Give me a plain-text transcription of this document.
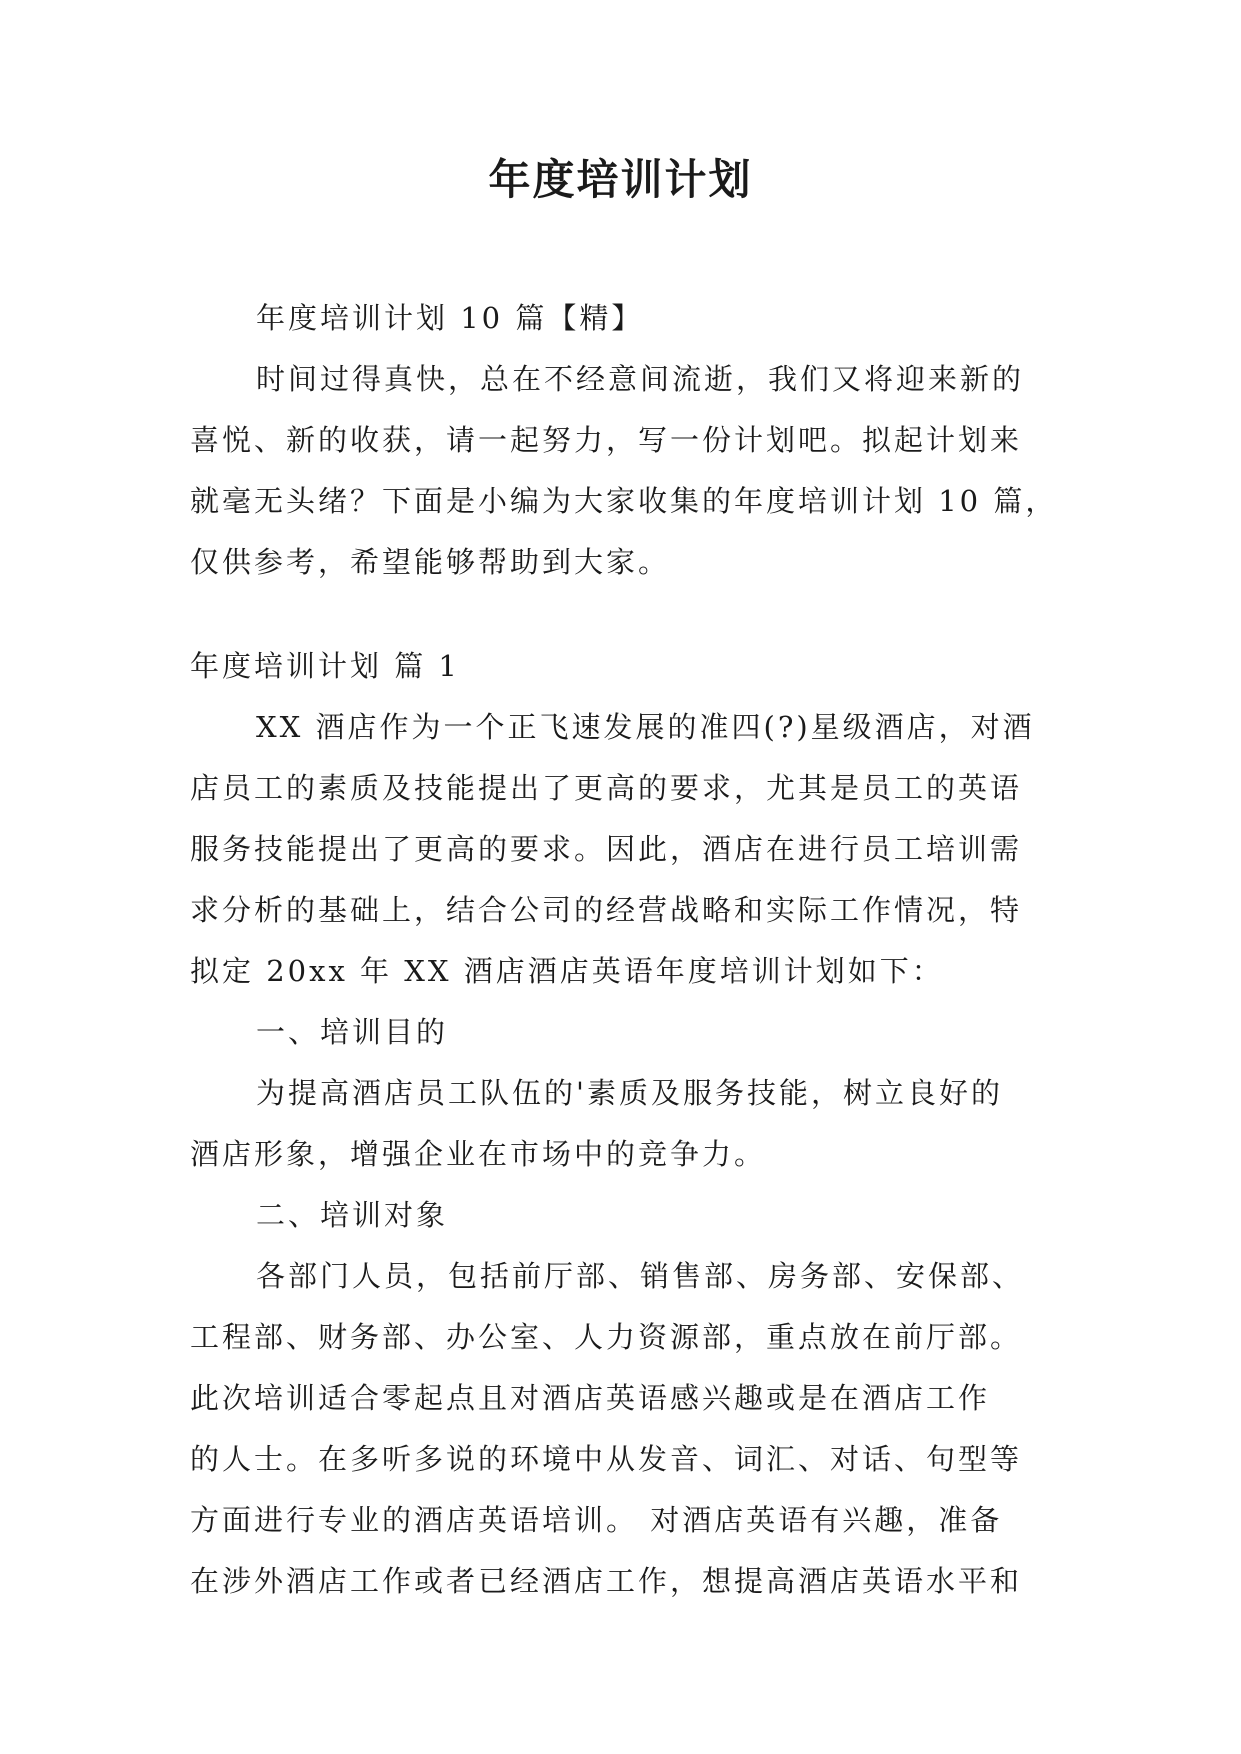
年度培训计划
年度培训计划 10 篇【精】
时间过得真快，总在不经意间流逝，我们又将迎来新的
喜悦、新的收获，请一起努力，写一份计划吧。拟起计划来
就毫无头绪？下面是小编为大家收集的年度培训计划 10 篇，
仅供参考，希望能够帮助到大家。
年度培训计划 篇 1
XX 酒店作为一个正飞速发展的准四(?)星级酒店，对酒
店员工的素质及技能提出了更高的要求，尤其是员工的英语
服务技能提出了更高的要求。因此，酒店在进行员工培训需
求分析的基础上，结合公司的经营战略和实际工作情况，特
拟定 20xx 年 XX 酒店酒店英语年度培训计划如下：
一、培训目的
为提高酒店员工队伍的'素质及服务技能，树立良好的
酒店形象，增强企业在市场中的竞争力。
二、培训对象
各部门人员，包括前厅部、销售部、房务部、安保部、
工程部、财务部、办公室、人力资源部，重点放在前厅部。
此次培训适合零起点且对酒店英语感兴趣或是在酒店工作
的人士。在多听多说的环境中从发音、词汇、对话、句型等
方面进行专业的酒店英语培训。 对酒店英语有兴趣，准备
在涉外酒店工作或者已经酒店工作，想提高酒店英语水平和
